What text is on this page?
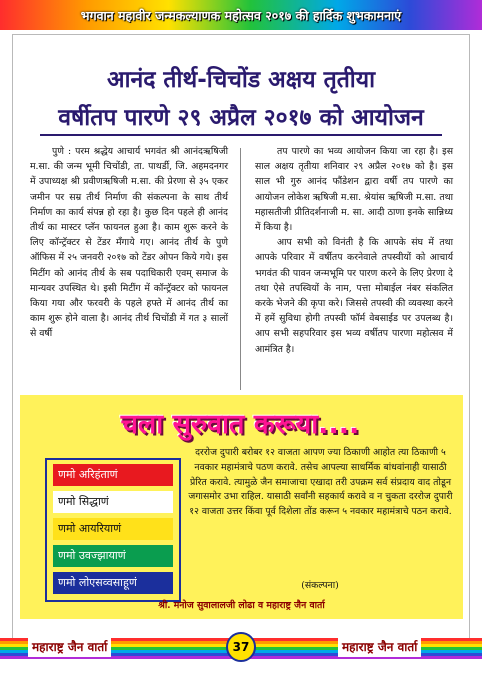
भगवान महावीर जन्मकल्याणक महोत्सव २०१७ की हार्दिक शुभकामनाएं
आनंद तीर्थ-चिचोंड अक्षय तृतीया
वर्षीतप पारणे २९ अप्रैल २०१७ को आयोजन

पुणे : परम श्रद्धेय आचार्य भगवंत श्री आनंदऋषिजी म.सा. की जन्म भूमी चिचोंडी, ता. पाथर्डी, जि. अहमदनगर में उपाध्यक्ष श्री प्रवीणऋषिजी म.सा. की प्रेरणा से ३५ एकर जमीन पर सम्र तीर्थ निर्माण की संकल्पना के साथ तीर्थ निर्माण का कार्य संपन्न हो रहा है। कुछ दिन पहले ही आनंद तीर्थ का मास्टर प्लॅन फायनल हुआ है। काम शुरू करने के लिए कॉन्ट्रॅक्टर से टेंडर मँगाये गए। आनंद तीर्थ के पुणे ऑफिस में २५ जनवरी २०१७ को टेंडर ओपन किये गये। इस मिटींग को आनंद तीर्थ के सब पदाधिकारी एवम् समाज के मान्यवर उपस्थित थे। इसी मिटींग में कॉन्ट्रॅक्टर को फायनल किया गया और फरवरी के पहले हफ्ते में आनंद तीर्थ का काम शुरू होने वाला है। आनंद तीर्थ चिचोंडी में गत ३ सालों से वर्षी

तप पारणे का भव्य आयोजन किया जा रहा है। इस साल अक्षय तृतीया शनिवार २९ अप्रैल २०१७ को है। इस साल भी गुरु आनंद फौंडेशन द्वारा वर्षी तप पारणे का आयोजन लोकेश ऋषिजी म.सा. श्रेयांस ऋषिजी म.सा. तथा महासतीजी प्रीतिदर्शनाजी म. सा. आदी ठाणा इनके सान्निध्य में किया है।

आप सभी को विनंती है कि आपके संघ में तथा आपके परिवार में वर्षीतप करनेवाले तपस्वीयों को आचार्य भगवंत की पावन जन्मभूमि पर पारण करने के लिए प्रेरणा दे तथा ऐसे तपस्वियों के नाम, पत्ता मोबाईल नंबर संकलित करके भेजने की कृपा करे। जिससे तपस्वी की व्यवस्था करने में हमें सुविधा होगी तपस्वी फॉर्म वेबसाईड पर उपलब्ध है। आप सभी सहपरिवार इस भव्य वर्षीतप पारणा महोत्सव में आमंत्रित है।

चला सुरुवात करूया....
णमो अरिहंताणं
णमो सिद्धाणं
णमो आयरियाणं
णमो उवज्झायाणं
णमो लोएसव्वसाहूणं
दररोज दुपारी बरोबर १२ वाजता आपण ज्या ठिकाणी आहोत त्या ठिकाणी ५ नवकार महामंत्राचे पठण करावे. तसेच आपल्या साधर्मिक बांधवांनाही यासाठी प्रेरित करावे. त्यामुळे जैन समाजाचा एखादा तरी उपक्रम सर्व संप्रदाय वाद तोडून जगासमोर उभा राहिल. यासाठी सर्वांनी सहकार्य करावे व न चुकता दररोज दुपारी १२ वाजता उत्तर किंवा पूर्व दिशेला तोंड करून ५ नवकार महामंत्राचे पठन करावे.
(संकल्पना)
श्री. मनोज सुवालालजी लोढा व महाराष्ट्र जैन वार्ता
महाराष्ट्र जैन वार्ता	37	महाराष्ट्र जैन वार्ता
